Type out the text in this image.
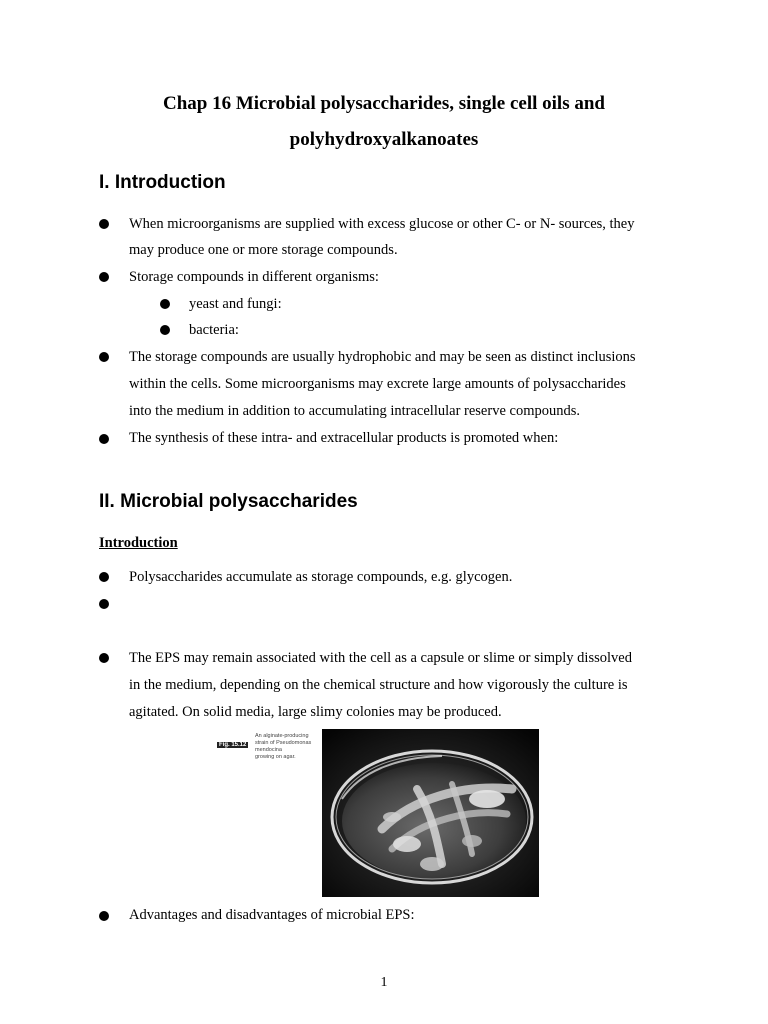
Chap 16 Microbial polysaccharides, single cell oils and
polyhydroxyalkanoates
I. Introduction
When microorganisms are supplied with excess glucose or other C- or N- sources, they
may produce one or more storage compounds.
Storage compounds in different organisms:
yeast and fungi:
bacteria:
The storage compounds are usually hydrophobic and may be seen as distinct inclusions
within the cells. Some microorganisms may excrete large amounts of polysaccharides
into the medium in addition to accumulating intracellular reserve compounds.
The synthesis of these intra- and extracellular products is promoted when:
II. Microbial polysaccharides
Introduction
Polysaccharides accumulate as storage compounds, e.g. glycogen.
The EPS may remain associated with the cell as a capsule or slime or simply dissolved
in the medium, depending on the chemical structure and how vigorously the culture is
agitated. On solid media, large slimy colonies may be produced.
Fig. 15.12
An alginate-producing
strain of Pseudomonas mendocina
growing on agar.
Advantages and disadvantages of microbial EPS:
1
